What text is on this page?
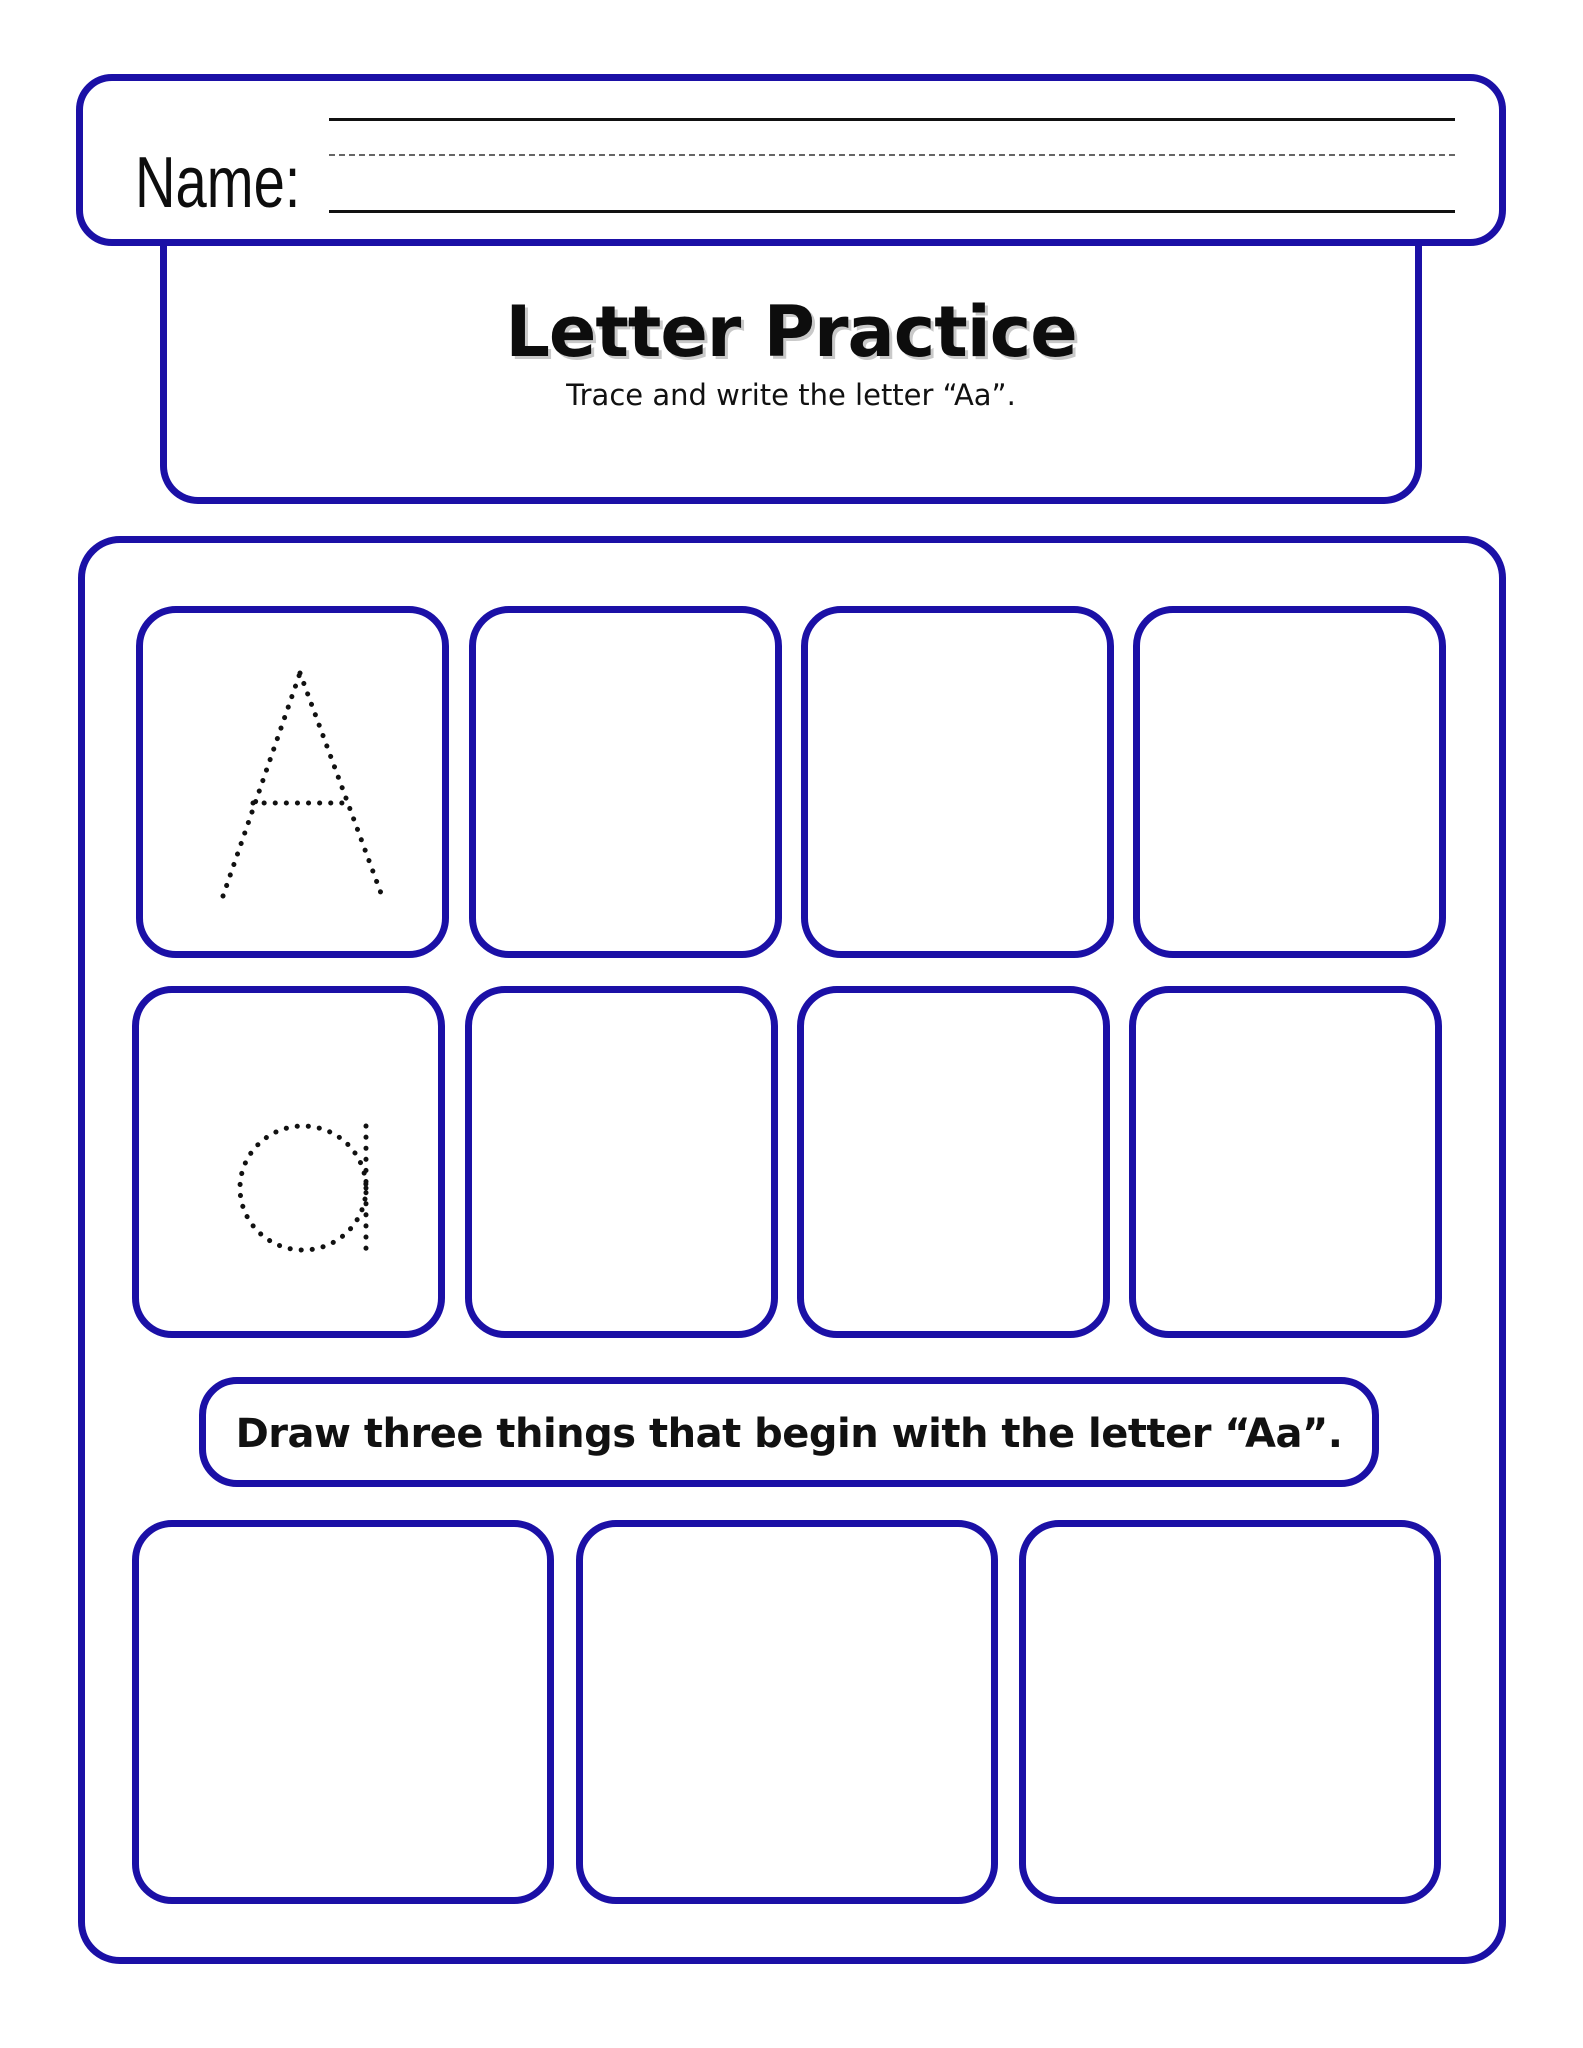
Name:
Letter Practice
Trace and write the letter “Aa”.
Draw three things that begin with the letter “Aa”.
